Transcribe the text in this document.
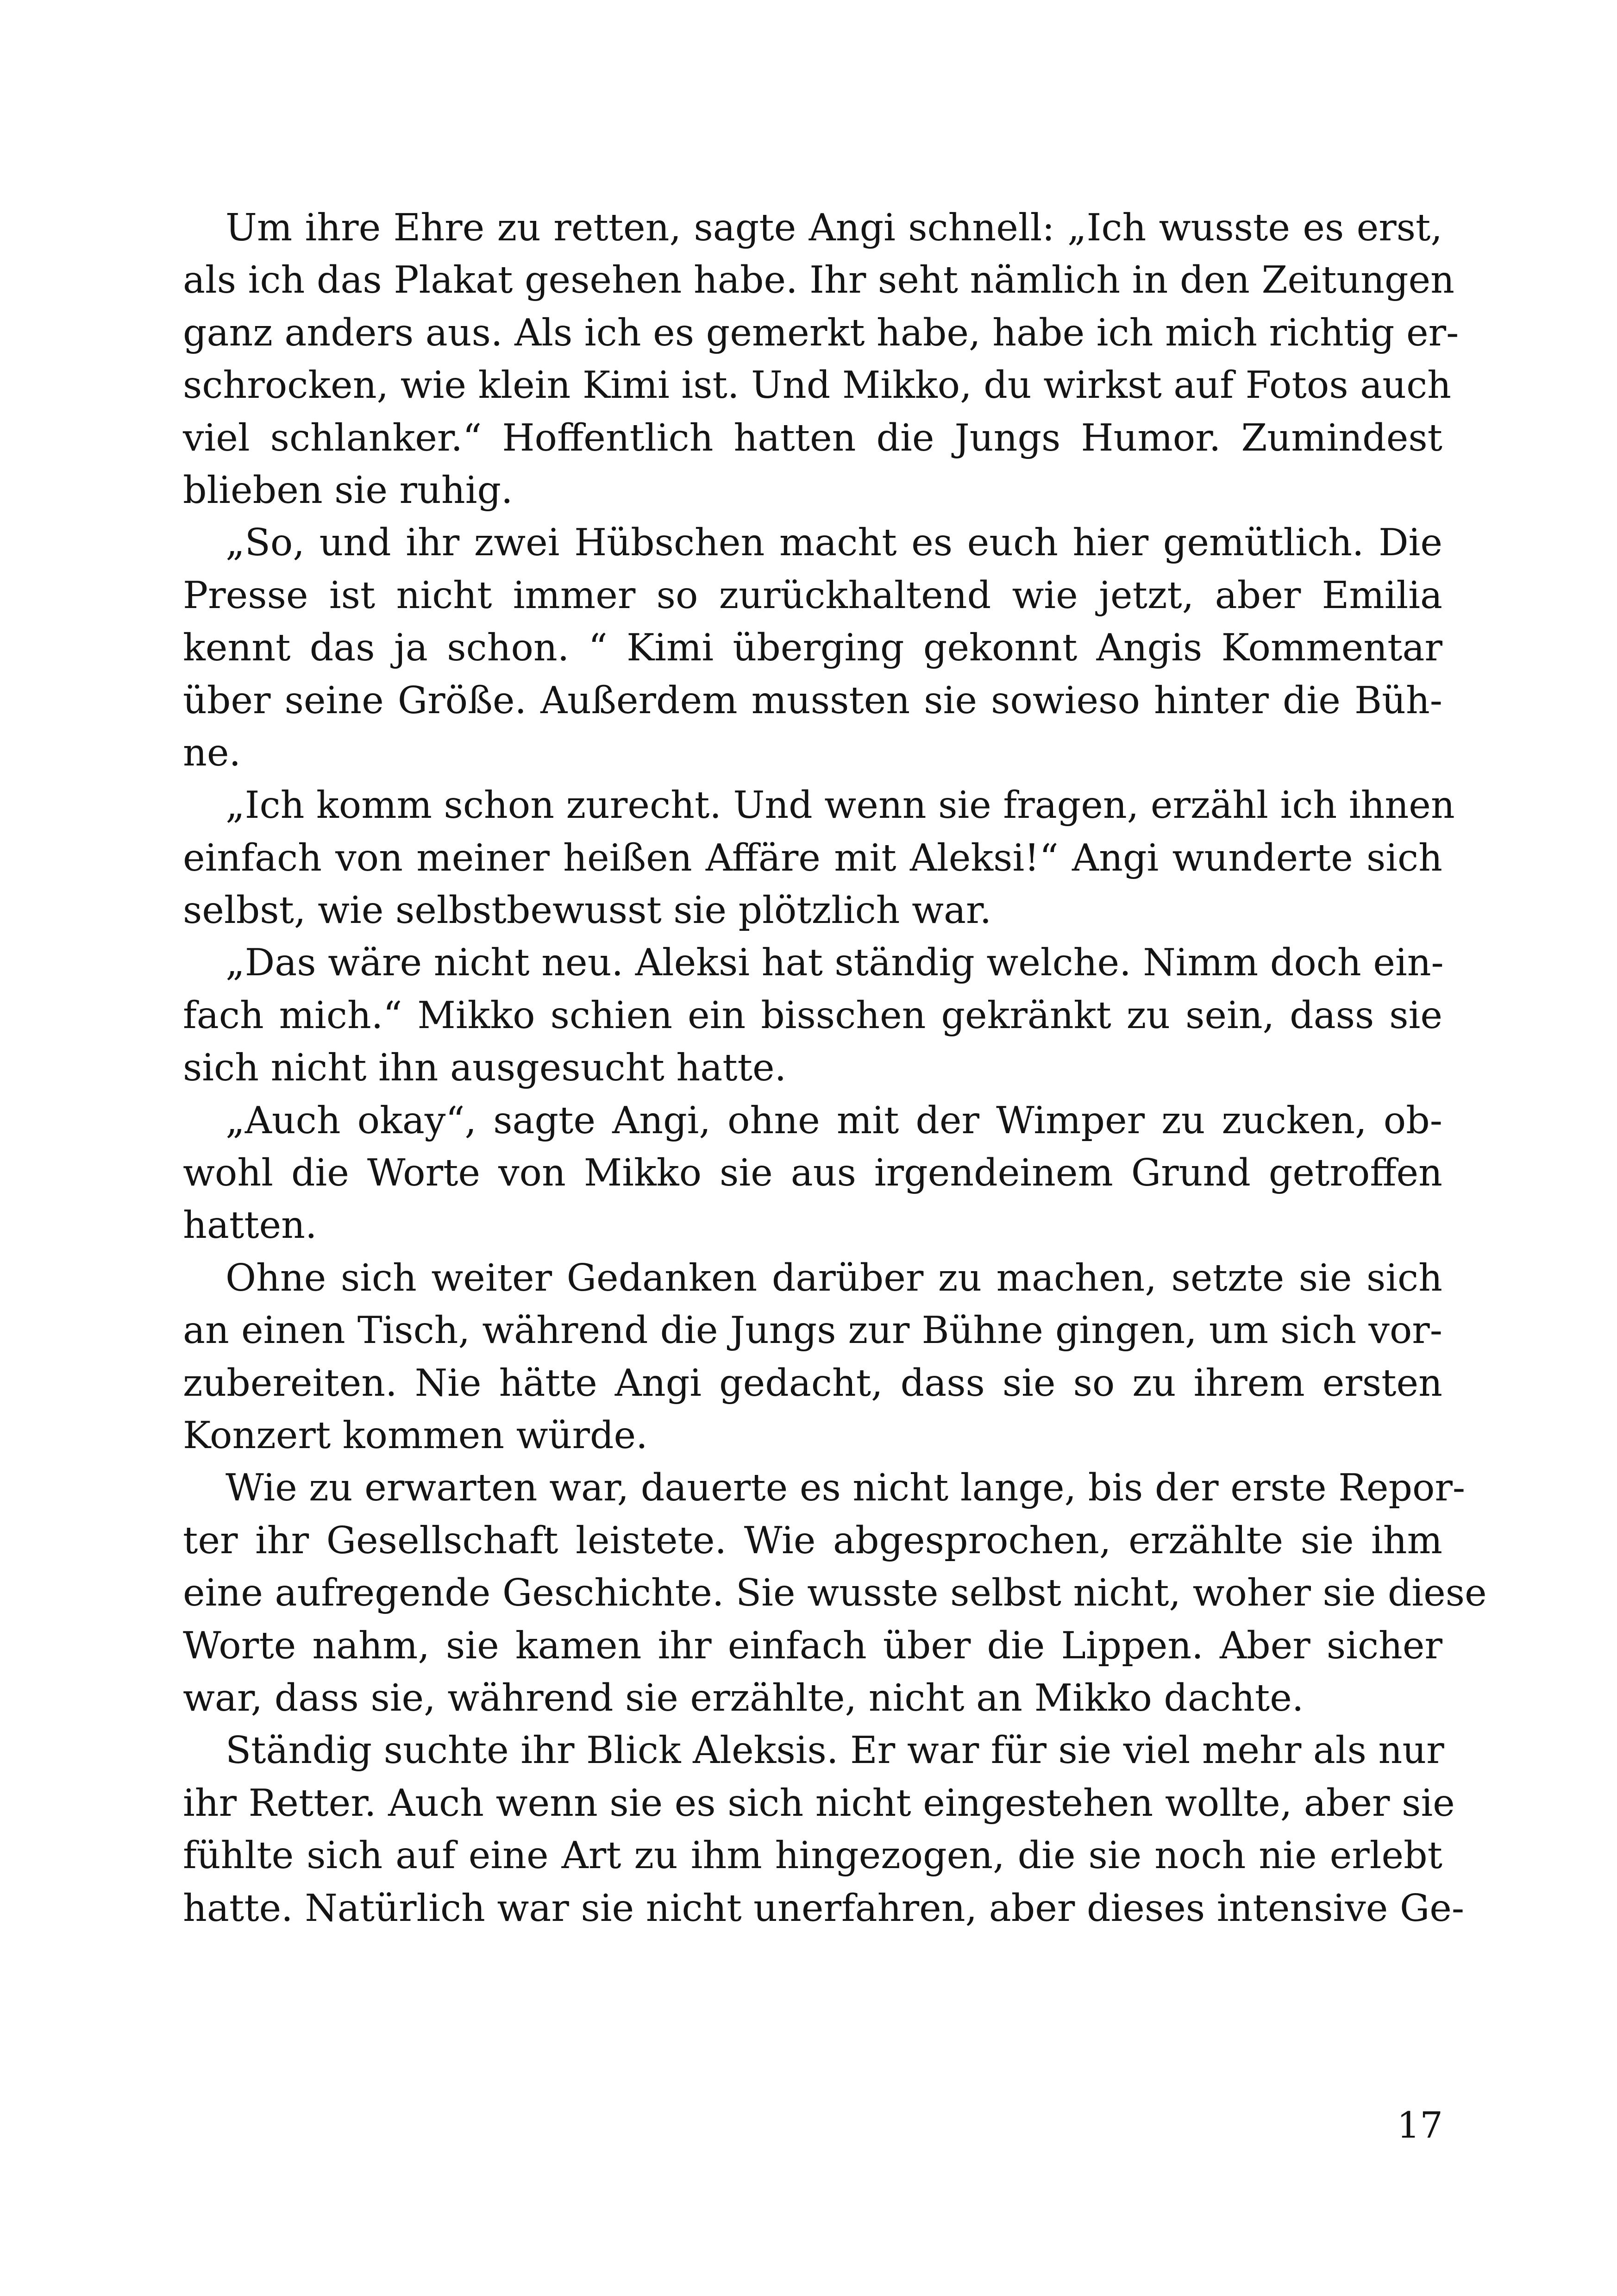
Um ihre Ehre zu retten, sagte Angi schnell: „Ich wusste es erst,
als ich das Plakat gesehen habe. Ihr seht nämlich in den Zeitungen
ganz anders aus. Als ich es gemerkt habe, habe ich mich richtig er-
schrocken, wie klein Kimi ist. Und Mikko, du wirkst auf Fotos auch
viel schlanker.“ Hoffentlich hatten die Jungs Humor. Zumindest
blieben sie ruhig.
„So, und ihr zwei Hübschen macht es euch hier gemütlich. Die
Presse ist nicht immer so zurückhaltend wie jetzt, aber Emilia
kennt das ja schon. “ Kimi überging gekonnt Angis Kommentar
über seine Größe. Außerdem mussten sie sowieso hinter die Büh-
ne.
„Ich komm schon zurecht. Und wenn sie fragen, erzähl ich ihnen
einfach von meiner heißen Affäre mit Aleksi!“ Angi wunderte sich
selbst, wie selbstbewusst sie plötzlich war.
„Das wäre nicht neu. Aleksi hat ständig welche. Nimm doch ein-
fach mich.“ Mikko schien ein bisschen gekränkt zu sein, dass sie
sich nicht ihn ausgesucht hatte.
„Auch okay“, sagte Angi, ohne mit der Wimper zu zucken, ob-
wohl die Worte von Mikko sie aus irgendeinem Grund getroffen
hatten.
Ohne sich weiter Gedanken darüber zu machen, setzte sie sich
an einen Tisch, während die Jungs zur Bühne gingen, um sich vor-
zubereiten. Nie hätte Angi gedacht, dass sie so zu ihrem ersten
Konzert kommen würde.
Wie zu erwarten war, dauerte es nicht lange, bis der erste Repor-
ter ihr Gesellschaft leistete. Wie abgesprochen, erzählte sie ihm
eine aufregende Geschichte. Sie wusste selbst nicht, woher sie diese
Worte nahm, sie kamen ihr einfach über die Lippen. Aber sicher
war, dass sie, während sie erzählte, nicht an Mikko dachte.
Ständig suchte ihr Blick Aleksis. Er war für sie viel mehr als nur
ihr Retter. Auch wenn sie es sich nicht eingestehen wollte, aber sie
fühlte sich auf eine Art zu ihm hingezogen, die sie noch nie erlebt
hatte. Natürlich war sie nicht unerfahren, aber dieses intensive Ge-
17
